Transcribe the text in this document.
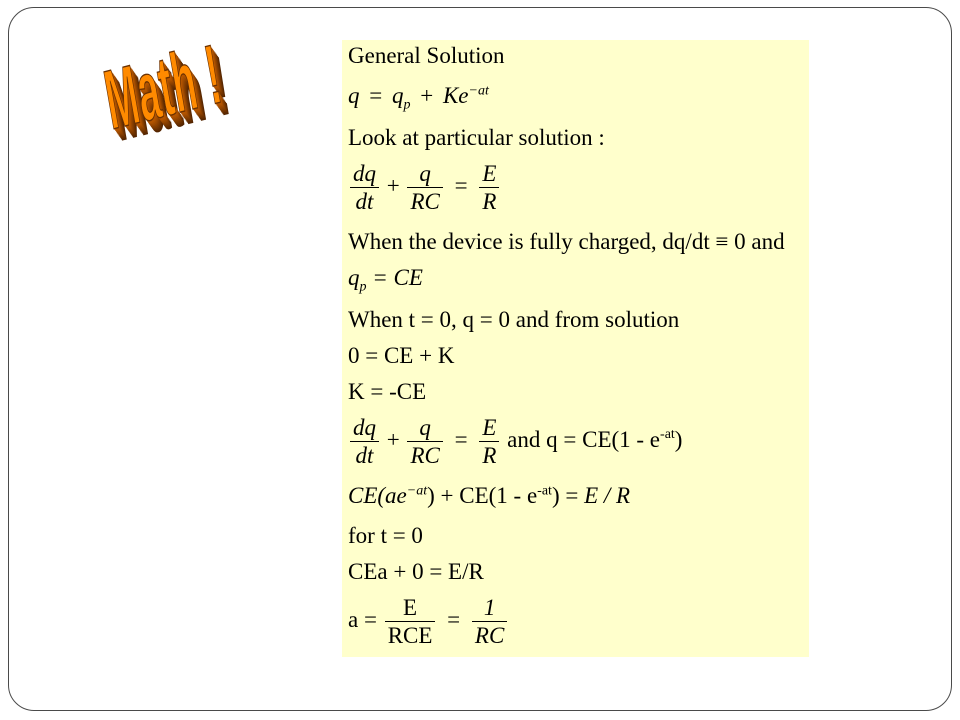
Math !	General Solution
$q = q_p + Ke^{-at}$
Look at particular solution :
$\frac{dq}{dt} + \frac{q}{RC} = \frac{E}{R}$
When the device is fully charged, dq/dt ≡ 0 and
$q_p$ = CE
When t = 0, q = 0 and from solution
0 = CE + K
K = -CE
$\frac{dq}{dt} + \frac{q}{RC} = \frac{E}{R}$ and $q = CE(1 - e^{-at})$
$CE(ae^{-at}) + CE(1 - e^{-at}) = E / R$
for t = 0
CEa + 0 = E/R
$a = \frac{E}{\text{RCE}} = \frac{1}{RC}$
